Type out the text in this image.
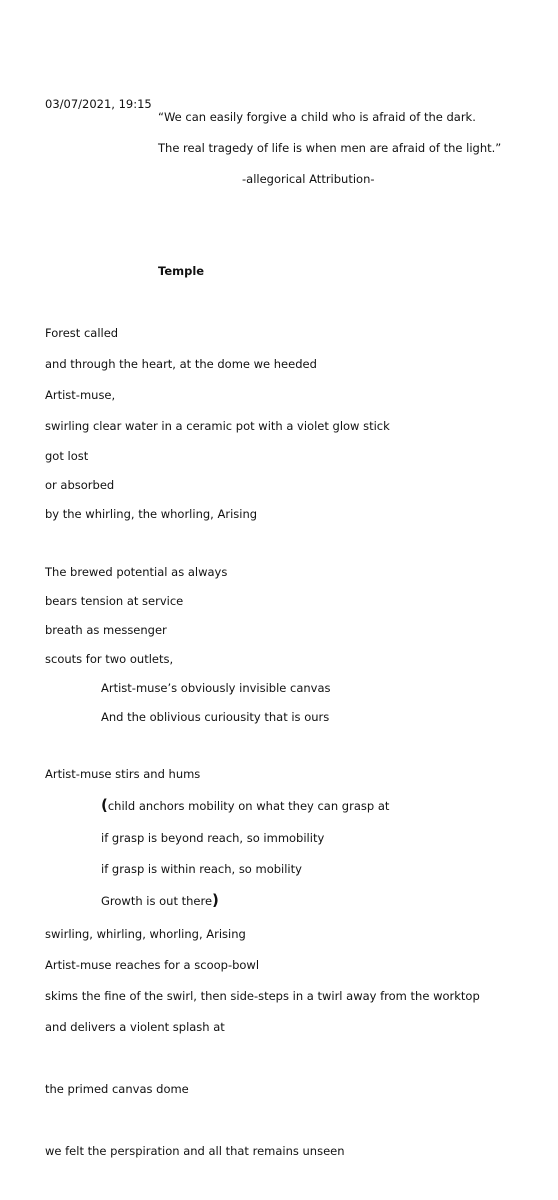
03/07/2021, 19:15
“We can easily forgive a child who is afraid of the dark.
The real tragedy of life is when men are afraid of the light.”
-allegorical Attribution-
Temple
Forest called
and through the heart, at the dome we heeded
Artist-muse,
swirling clear water in a ceramic pot with a violet glow stick
got lost
or absorbed
by the whirling, the whorling, Arising
The brewed potential as always
bears tension at service
breath as messenger
scouts for two outlets,
Artist-muse’s obviously invisible canvas
And the oblivious curiousity that is ours
Artist-muse stirs and hums
(child anchors mobility on what they can grasp at
if grasp is beyond reach, so immobility
if grasp is within reach, so mobility
Growth is out there)
swirling, whirling, whorling, Arising
Artist-muse reaches for a scoop-bowl
skims the fine of the swirl, then side-steps in a twirl away from the worktop
and delivers a violent splash at
the primed canvas dome
we felt the perspiration and all that remains unseen
